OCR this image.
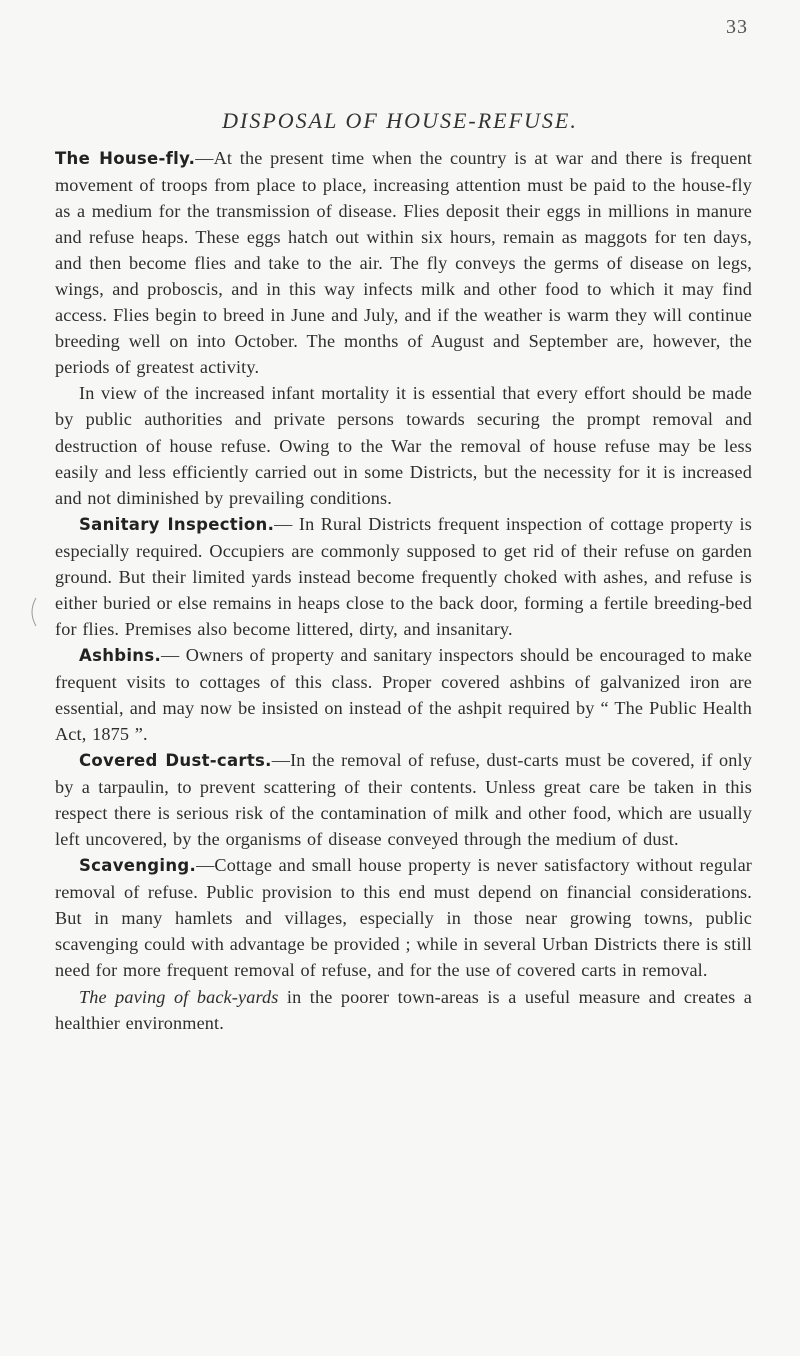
33
DISPOSAL OF HOUSE-REFUSE.

The House-fly.—At the present time when the country is at war and there is frequent movement of troops from place to place, increasing attention must be paid to the house-fly as a medium for the transmission of disease. Flies deposit their eggs in millions in manure and refuse heaps. These eggs hatch out within six hours, remain as maggots for ten days, and then become flies and take to the air. The fly conveys the germs of disease on legs, wings, and proboscis, and in this way infects milk and other food to which it may find access. Flies begin to breed in June and July, and if the weather is warm they will continue breeding well on into October. The months of August and September are, however, the periods of greatest activity.

In view of the increased infant mortality it is essential that every effort should be made by public authorities and private persons towards securing the prompt removal and destruction of house refuse. Owing to the War the removal of house refuse may be less easily and less efficiently carried out in some Districts, but the necessity for it is increased and not diminished by prevailing conditions.

Sanitary Inspection.— In Rural Districts frequent inspection of cottage property is especially required. Occupiers are commonly supposed to get rid of their refuse on garden ground. But their limited yards instead become frequently choked with ashes, and refuse is either buried or else remains in heaps close to the back door, forming a fertile breeding-bed for flies. Premises also become littered, dirty, and insanitary.

Ashbins.— Owners of property and sanitary inspectors should be encouraged to make frequent visits to cottages of this class. Proper covered ashbins of galvanized iron are essential, and may now be insisted on instead of the ashpit required by “ The Public Health Act, 1875 ”.

Covered Dust-carts.—In the removal of refuse, dust-carts must be covered, if only by a tarpaulin, to prevent scattering of their contents. Unless great care be taken in this respect there is serious risk of the contamination of milk and other food, which are usually left uncovered, by the organisms of disease conveyed through the medium of dust.

Scavenging.—Cottage and small house property is never satisfactory without regular removal of refuse. Public provision to this end must depend on financial considerations. But in many hamlets and villages, especially in those near growing towns, public scavenging could with advantage be provided ; while in several Urban Districts there is still need for more frequent removal of refuse, and for the use of covered carts in removal.

The paving of back-yards in the poorer town-areas is a useful measure and creates a healthier environment.
